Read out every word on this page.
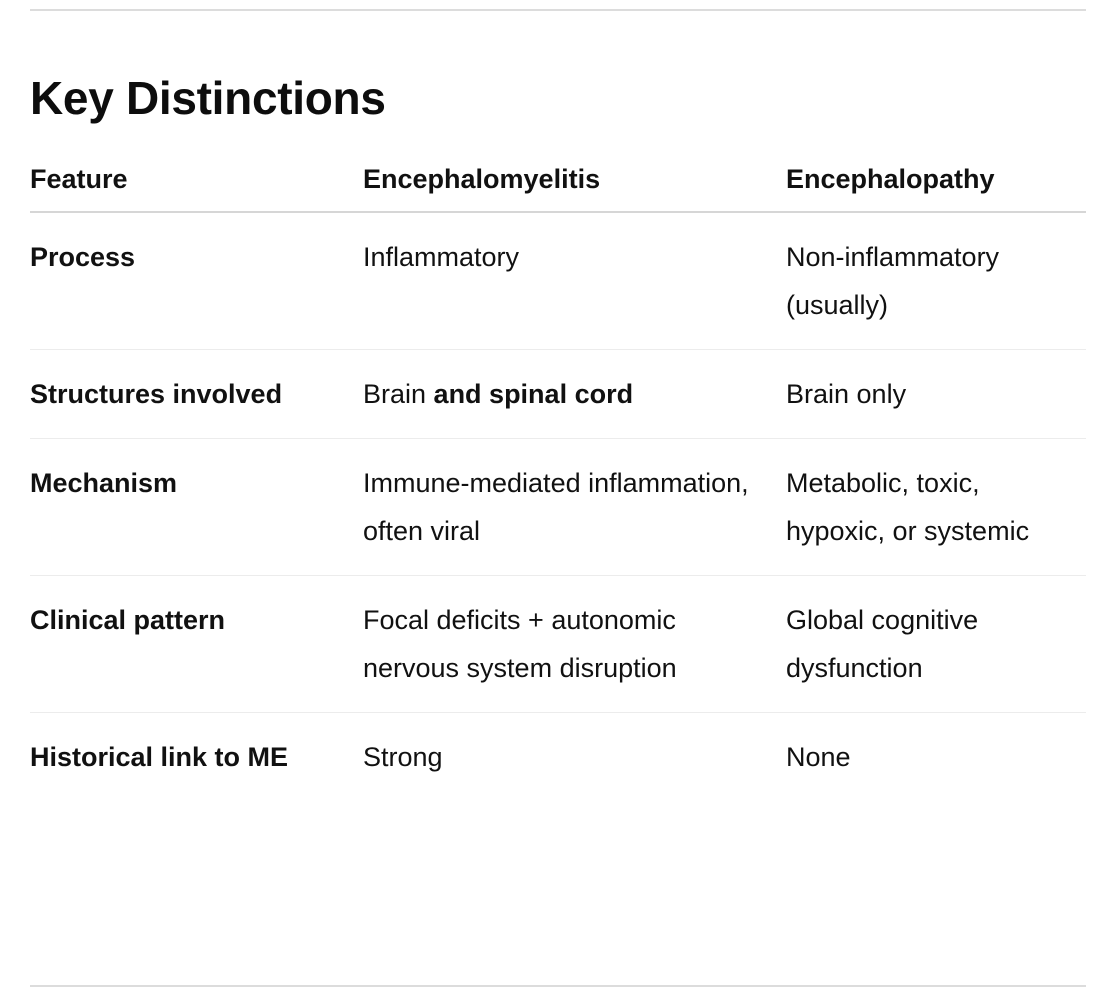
Key Distinctions
Feature	Encephalomyelitis	Encephalopathy
Process	Inflammatory	Non-inflammatory (usually)
Structures involved	Brain and spinal cord	Brain only
Mechanism	Immune-mediated inflammation, often viral	Metabolic, toxic, hypoxic, or systemic
Clinical pattern	Focal deficits + autonomic nervous system disruption	Global cognitive dysfunction
Historical link to ME	Strong	None
